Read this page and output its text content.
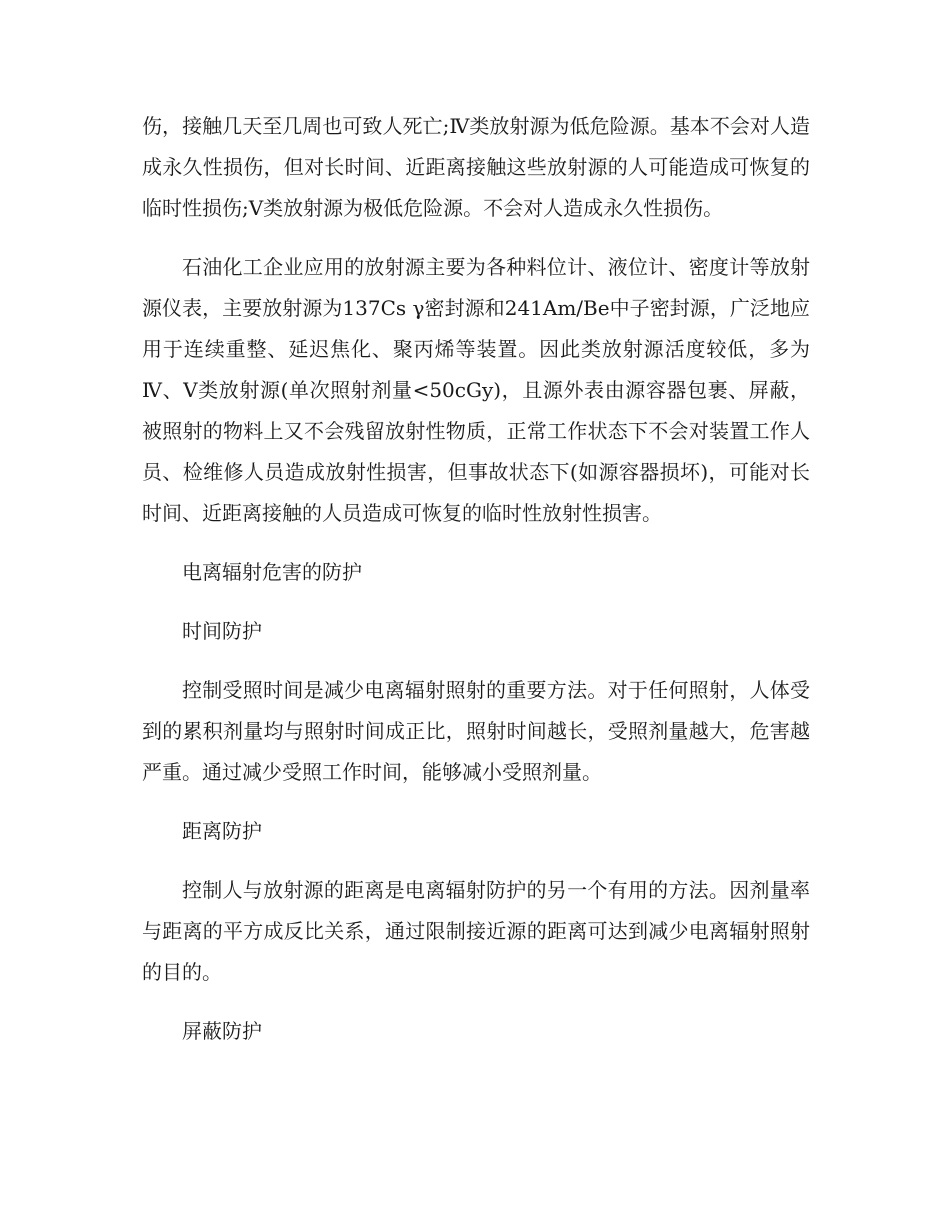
伤，接触几天至几周也可致人死亡;Ⅳ类放射源为低危险源。基本不会对人造成永久性损伤，但对长时间、近距离接触这些放射源的人可能造成可恢复的临时性损伤;Ⅴ类放射源为极低危险源。不会对人造成永久性损伤。

石油化工企业应用的放射源主要为各种料位计、液位计、密度计等放射源仪表，主要放射源为137Cs γ密封源和241Am/Be中子密封源，广泛地应用于连续重整、延迟焦化、聚丙烯等装置。因此类放射源活度较低，多为Ⅳ、Ⅴ类放射源(单次照射剂量<50cGy)，且源外表由源容器包裹、屏蔽，被照射的物料上又不会残留放射性物质，正常工作状态下不会对装置工作人员、检维修人员造成放射性损害，但事故状态下(如源容器损坏)，可能对长时间、近距离接触的人员造成可恢复的临时性放射性损害。

电离辐射危害的防护

时间防护

控制受照时间是减少电离辐射照射的重要方法。对于任何照射，人体受到的累积剂量均与照射时间成正比，照射时间越长，受照剂量越大，危害越严重。通过减少受照工作时间，能够减小受照剂量。

距离防护

控制人与放射源的距离是电离辐射防护的另一个有用的方法。因剂量率与距离的平方成反比关系，通过限制接近源的距离可达到减少电离辐射照射的目的。

屏蔽防护
